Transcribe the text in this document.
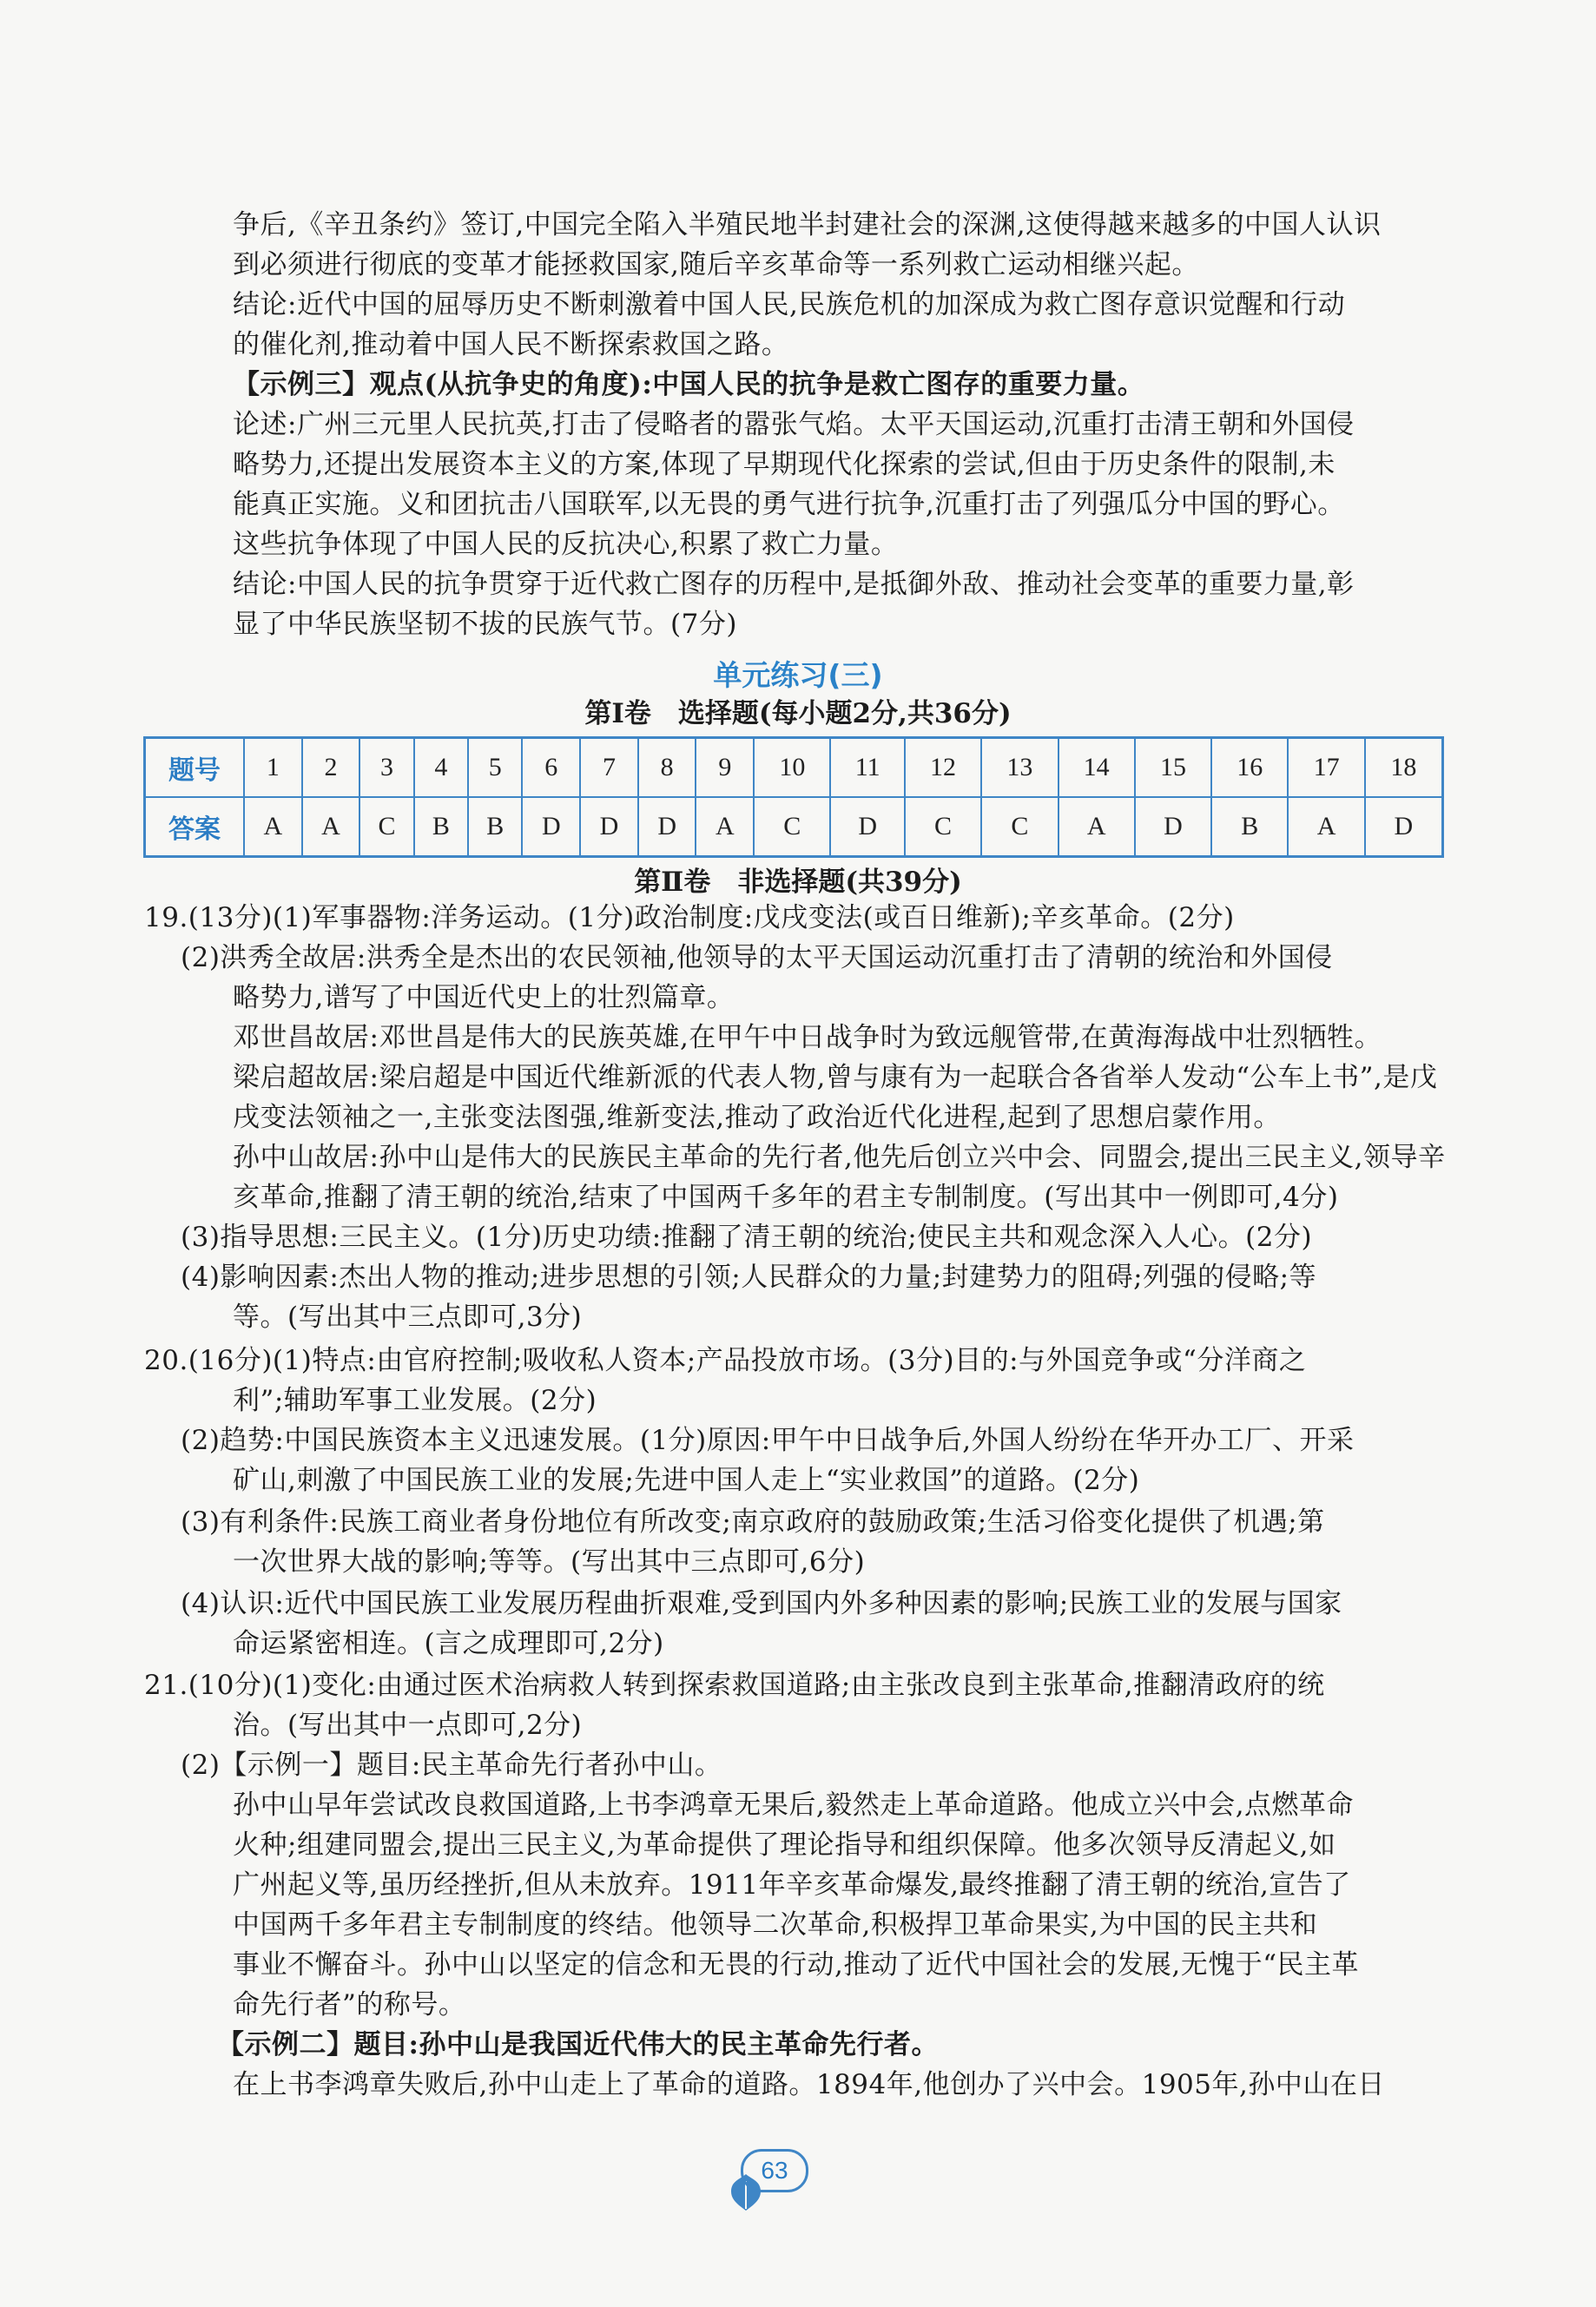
争后,《辛丑条约》签订,中国完全陷入半殖民地半封建社会的深渊,这使得越来越多的中国人认识
到必须进行彻底的变革才能拯救国家,随后辛亥革命等一系列救亡运动相继兴起。
结论:近代中国的屈辱历史不断刺激着中国人民,民族危机的加深成为救亡图存意识觉醒和行动
的催化剂,推动着中国人民不断探索救国之路。
【示例三】观点(从抗争史的角度):中国人民的抗争是救亡图存的重要力量。
论述:广州三元里人民抗英,打击了侵略者的嚣张气焰。太平天国运动,沉重打击清王朝和外国侵
略势力,还提出发展资本主义的方案,体现了早期现代化探索的尝试,但由于历史条件的限制,未
能真正实施。义和团抗击八国联军,以无畏的勇气进行抗争,沉重打击了列强瓜分中国的野心。
这些抗争体现了中国人民的反抗决心,积累了救亡力量。
结论:中国人民的抗争贯穿于近代救亡图存的历程中,是抵御外敌、推动社会变革的重要力量,彰
显了中华民族坚韧不拔的民族气节。(7分)
单元练习(三)
第Ⅰ卷　选择题(每小题2分,共36分)
题号	1	2	3	4	5	6	7	8	9	10	11	12	13	14	15	16	17	18
答案	A	A	C	B	B	D	D	D	A	C	D	C	C	A	D	B	A	D
第Ⅱ卷　非选择题(共39分)
19.(13分)(1)军事器物:洋务运动。(1分)政治制度:戊戌变法(或百日维新);辛亥革命。(2分)
(2)洪秀全故居:洪秀全是杰出的农民领袖,他领导的太平天国运动沉重打击了清朝的统治和外国侵
略势力,谱写了中国近代史上的壮烈篇章。
邓世昌故居:邓世昌是伟大的民族英雄,在甲午中日战争时为致远舰管带,在黄海海战中壮烈牺牲。
梁启超故居:梁启超是中国近代维新派的代表人物,曾与康有为一起联合各省举人发动“公车上书”,是戊
戌变法领袖之一,主张变法图强,维新变法,推动了政治近代化进程,起到了思想启蒙作用。
孙中山故居:孙中山是伟大的民族民主革命的先行者,他先后创立兴中会、同盟会,提出三民主义,领导辛
亥革命,推翻了清王朝的统治,结束了中国两千多年的君主专制制度。(写出其中一例即可,4分)
(3)指导思想:三民主义。(1分)历史功绩:推翻了清王朝的统治;使民主共和观念深入人心。(2分)
(4)影响因素:杰出人物的推动;进步思想的引领;人民群众的力量;封建势力的阻碍;列强的侵略;等
等。(写出其中三点即可,3分)
20.(16分)(1)特点:由官府控制;吸收私人资本;产品投放市场。(3分)目的:与外国竞争或“分洋商之
利”;辅助军事工业发展。(2分)
(2)趋势:中国民族资本主义迅速发展。(1分)原因:甲午中日战争后,外国人纷纷在华开办工厂、开采
矿山,刺激了中国民族工业的发展;先进中国人走上“实业救国”的道路。(2分)
(3)有利条件:民族工商业者身份地位有所改变;南京政府的鼓励政策;生活习俗变化提供了机遇;第
一次世界大战的影响;等等。(写出其中三点即可,6分)
(4)认识:近代中国民族工业发展历程曲折艰难,受到国内外多种因素的影响;民族工业的发展与国家
命运紧密相连。(言之成理即可,2分)
21.(10分)(1)变化:由通过医术治病救人转到探索救国道路;由主张改良到主张革命,推翻清政府的统
治。(写出其中一点即可,2分)
(2)【示例一】题目:民主革命先行者孙中山。
孙中山早年尝试改良救国道路,上书李鸿章无果后,毅然走上革命道路。他成立兴中会,点燃革命
火种;组建同盟会,提出三民主义,为革命提供了理论指导和组织保障。他多次领导反清起义,如
广州起义等,虽历经挫折,但从未放弃。1911年辛亥革命爆发,最终推翻了清王朝的统治,宣告了
中国两千多年君主专制制度的终结。他领导二次革命,积极捍卫革命果实,为中国的民主共和
事业不懈奋斗。孙中山以坚定的信念和无畏的行动,推动了近代中国社会的发展,无愧于“民主革
命先行者”的称号。
【示例二】题目:孙中山是我国近代伟大的民主革命先行者。
在上书李鸿章失败后,孙中山走上了革命的道路。1894年,他创办了兴中会。1905年,孙中山在日
63
